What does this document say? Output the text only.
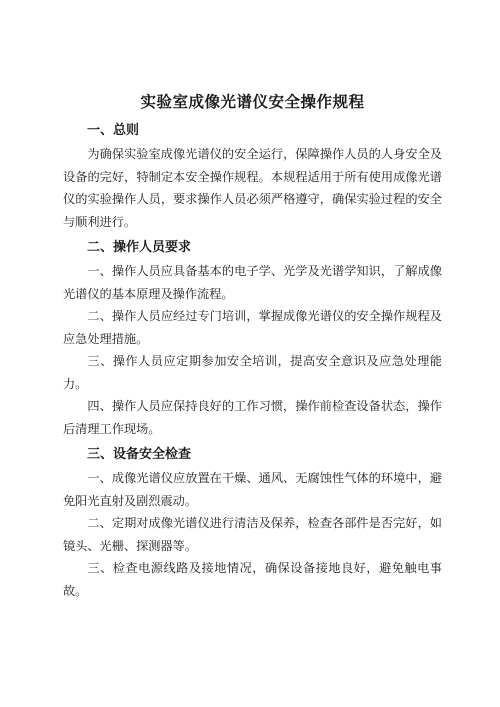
实验室成像光谱仪安全操作规程
一、总则

为确保实验室成像光谱仪的安全运行，保障操作人员的人身安全及设备的完好，特制定本安全操作规程。本规程适用于所有使用成像光谱仪的实验操作人员，要求操作人员必须严格遵守，确保实验过程的安全与顺利进行。

二、操作人员要求

一、操作人员应具备基本的电子学、光学及光谱学知识，了解成像光谱仪的基本原理及操作流程。

二、操作人员应经过专门培训，掌握成像光谱仪的安全操作规程及应急处理措施。

三、操作人员应定期参加安全培训，提高安全意识及应急处理能力。

四、操作人员应保持良好的工作习惯，操作前检查设备状态，操作后清理工作现场。

三、设备安全检查

一、成像光谱仪应放置在干燥、通风、无腐蚀性气体的环境中，避免阳光直射及剧烈震动。

二、定期对成像光谱仪进行清洁及保养，检查各部件是否完好，如镜头、光栅、探测器等。

三、检查电源线路及接地情况，确保设备接地良好，避免触电事故。
